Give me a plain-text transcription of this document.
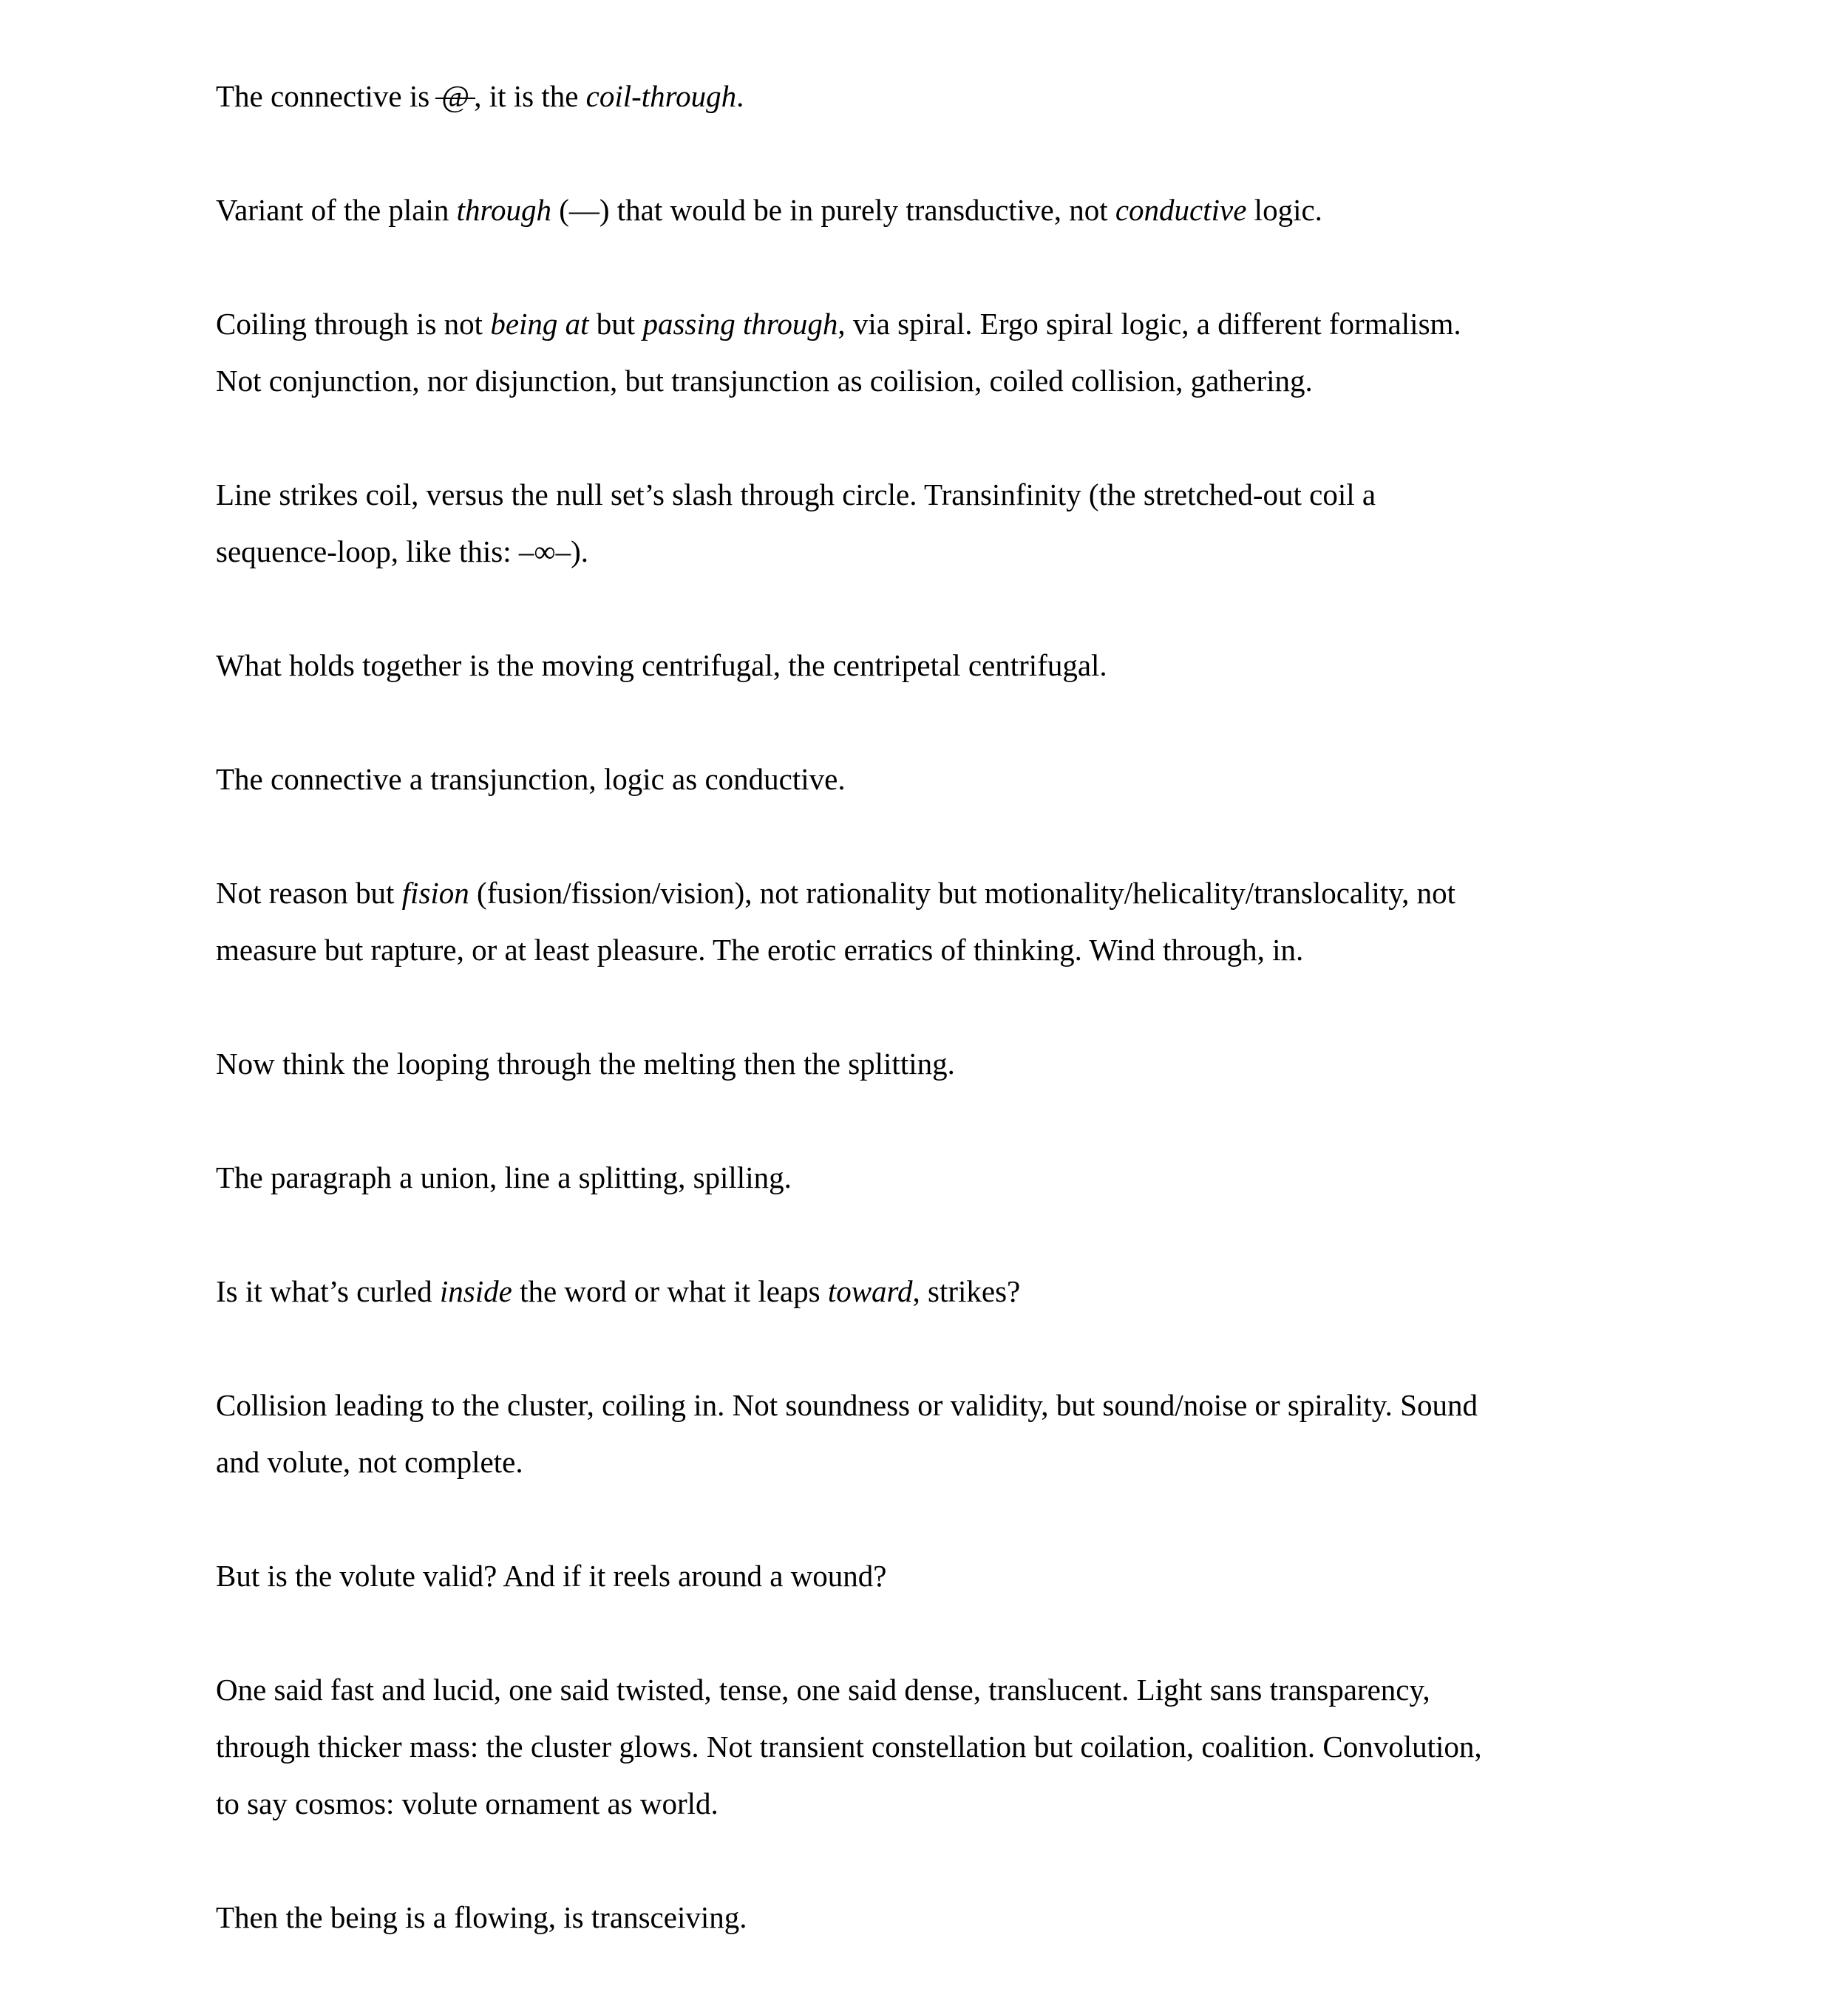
The connective is
@ , it is the coil-through.

Variant of the plain through (—) that would be in purely transductive, not conductive logic.

Coiling through is not being at but passing through, via spiral. Ergo spiral logic, a different formalism.
Not conjunction, nor disjunction, but transjunction as coilision, coiled collision, gathering.

Line strikes coil, versus the null set’s slash through circle. Transinfinity (the stretched-out coil a
sequence-loop, like this: –∞–).

What holds together is the moving centrifugal, the centripetal centrifugal.

The connective a transjunction, logic as conductive.

Not reason but fision (fusion/fission/vision), not rationality but motionality/helicality/translocality, not
measure but rapture, or at least pleasure. The erotic erratics of thinking. Wind through, in.

Now think the looping through the melting then the splitting.

The paragraph a union, line a splitting, spilling.

Is it what’s curled inside the word or what it leaps toward, strikes?

Collision leading to the cluster, coiling in. Not soundness or validity, but sound/noise or spirality. Sound
and volute, not complete.

But is the volute valid? And if it reels around a wound?

One said fast and lucid, one said twisted, tense, one said dense, translucent. Light sans transparency,
through thicker mass: the cluster glows. Not transient constellation but coilation, coalition. Convolution,
to say cosmos: volute ornament as world.

Then the being is a flowing, is transceiving.
